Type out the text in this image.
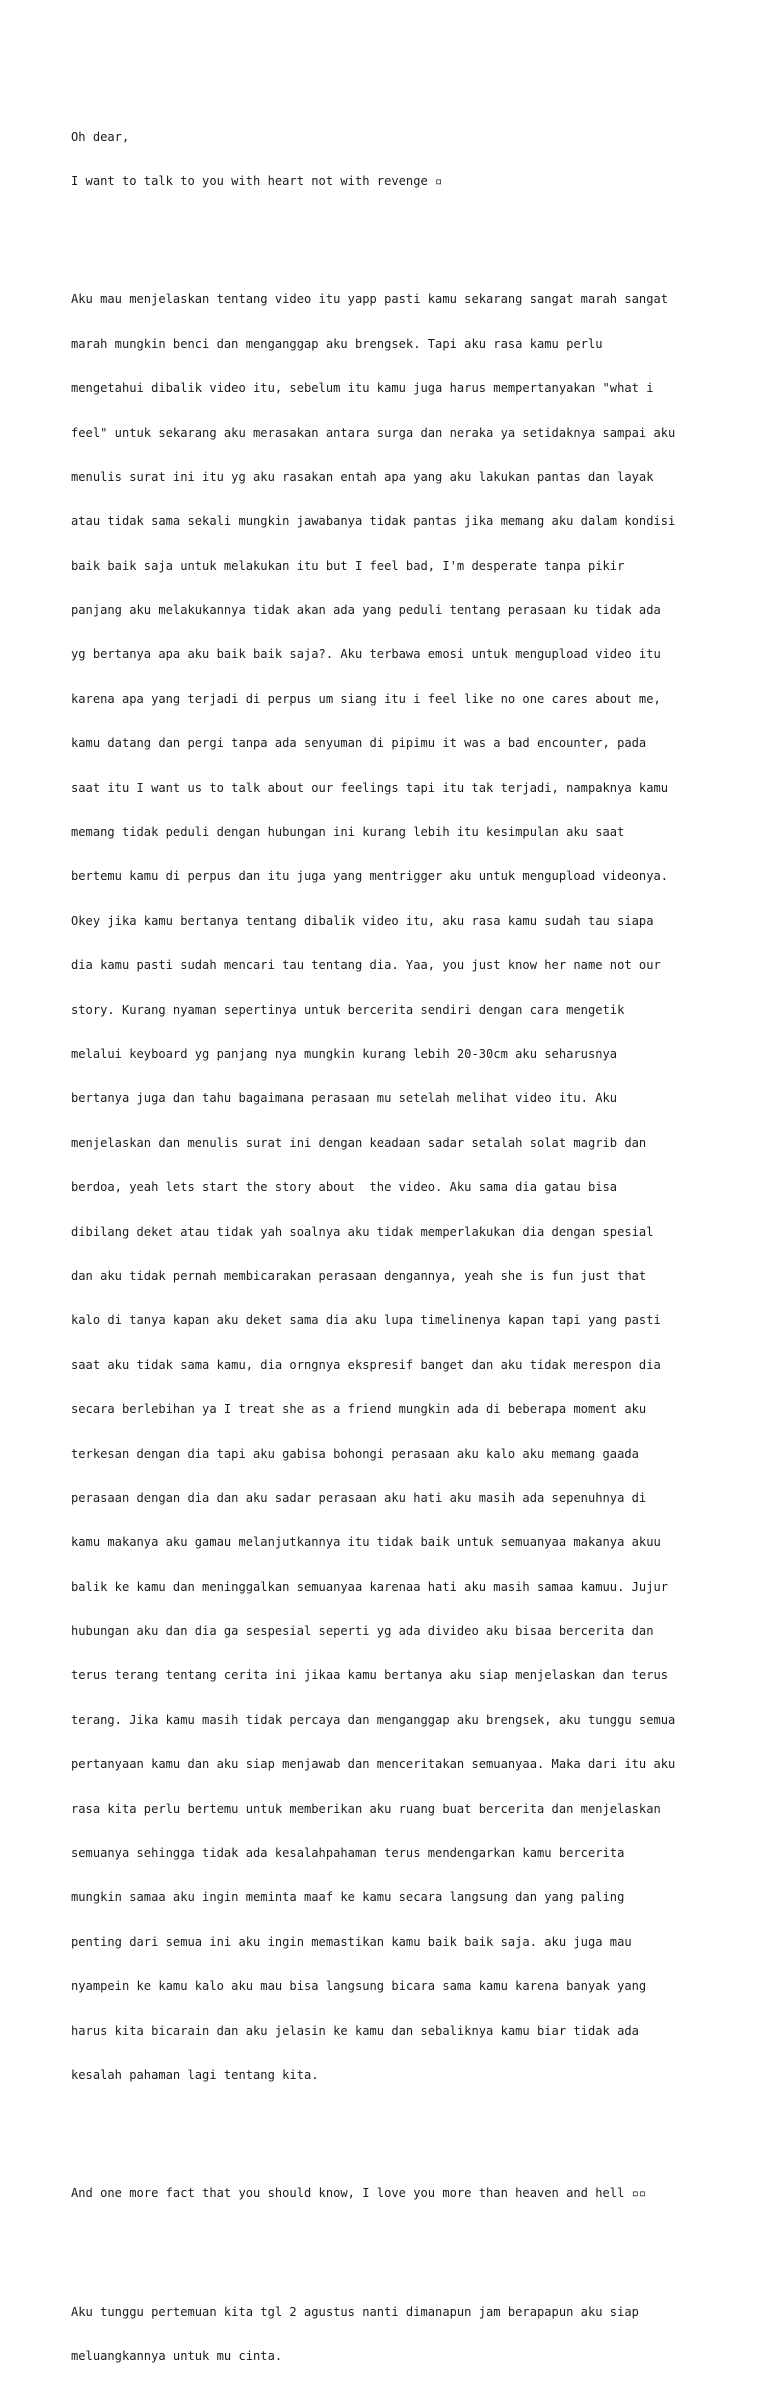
Oh dear,

I want to talk to you with heart not with revenge ▫

Aku mau menjelaskan tentang video itu yapp pasti kamu sekarang sangat marah sangat

marah mungkin benci dan menganggap aku brengsek. Tapi aku rasa kamu perlu

mengetahui dibalik video itu, sebelum itu kamu juga harus mempertanyakan "what i

feel" untuk sekarang aku merasakan antara surga dan neraka ya setidaknya sampai aku

menulis surat ini itu yg aku rasakan entah apa yang aku lakukan pantas dan layak

atau tidak sama sekali mungkin jawabanya tidak pantas jika memang aku dalam kondisi

baik baik saja untuk melakukan itu but I feel bad, I'm desperate tanpa pikir

panjang aku melakukannya tidak akan ada yang peduli tentang perasaan ku tidak ada

yg bertanya apa aku baik baik saja?. Aku terbawa emosi untuk mengupload video itu

karena apa yang terjadi di perpus um siang itu i feel like no one cares about me,

kamu datang dan pergi tanpa ada senyuman di pipimu it was a bad encounter, pada

saat itu I want us to talk about our feelings tapi itu tak terjadi, nampaknya kamu

memang tidak peduli dengan hubungan ini kurang lebih itu kesimpulan aku saat

bertemu kamu di perpus dan itu juga yang mentrigger aku untuk mengupload videonya.

Okey jika kamu bertanya tentang dibalik video itu, aku rasa kamu sudah tau siapa

dia kamu pasti sudah mencari tau tentang dia. Yaa, you just know her name not our

story. Kurang nyaman sepertinya untuk bercerita sendiri dengan cara mengetik

melalui keyboard yg panjang nya mungkin kurang lebih 20-30cm aku seharusnya

bertanya juga dan tahu bagaimana perasaan mu setelah melihat video itu. Aku

menjelaskan dan menulis surat ini dengan keadaan sadar setalah solat magrib dan

berdoa, yeah lets start the story about  the video. Aku sama dia gatau bisa

dibilang deket atau tidak yah soalnya aku tidak memperlakukan dia dengan spesial

dan aku tidak pernah membicarakan perasaan dengannya, yeah she is fun just that

kalo di tanya kapan aku deket sama dia aku lupa timelinenya kapan tapi yang pasti

saat aku tidak sama kamu, dia orngnya ekspresif banget dan aku tidak merespon dia

secara berlebihan ya I treat she as a friend mungkin ada di beberapa moment aku

terkesan dengan dia tapi aku gabisa bohongi perasaan aku kalo aku memang gaada

perasaan dengan dia dan aku sadar perasaan aku hati aku masih ada sepenuhnya di

kamu makanya aku gamau melanjutkannya itu tidak baik untuk semuanyaa makanya akuu

balik ke kamu dan meninggalkan semuanyaa karenaa hati aku masih samaa kamuu. Jujur

hubungan aku dan dia ga sespesial seperti yg ada divideo aku bisaa bercerita dan

terus terang tentang cerita ini jikaa kamu bertanya aku siap menjelaskan dan terus

terang. Jika kamu masih tidak percaya dan menganggap aku brengsek, aku tunggu semua

pertanyaan kamu dan aku siap menjawab dan menceritakan semuanyaa. Maka dari itu aku

rasa kita perlu bertemu untuk memberikan aku ruang buat bercerita dan menjelaskan

semuanya sehingga tidak ada kesalahpahaman terus mendengarkan kamu bercerita

mungkin samaa aku ingin meminta maaf ke kamu secara langsung dan yang paling

penting dari semua ini aku ingin memastikan kamu baik baik saja. aku juga mau

nyampein ke kamu kalo aku mau bisa langsung bicara sama kamu karena banyak yang

harus kita bicarain dan aku jelasin ke kamu dan sebaliknya kamu biar tidak ada

kesalah pahaman lagi tentang kita.

And one more fact that you should know, I love you more than heaven and hell ▫▫

Aku tunggu pertemuan kita tgl 2 agustus nanti dimanapun jam berapapun aku siap

meluangkannya untuk mu cinta.
